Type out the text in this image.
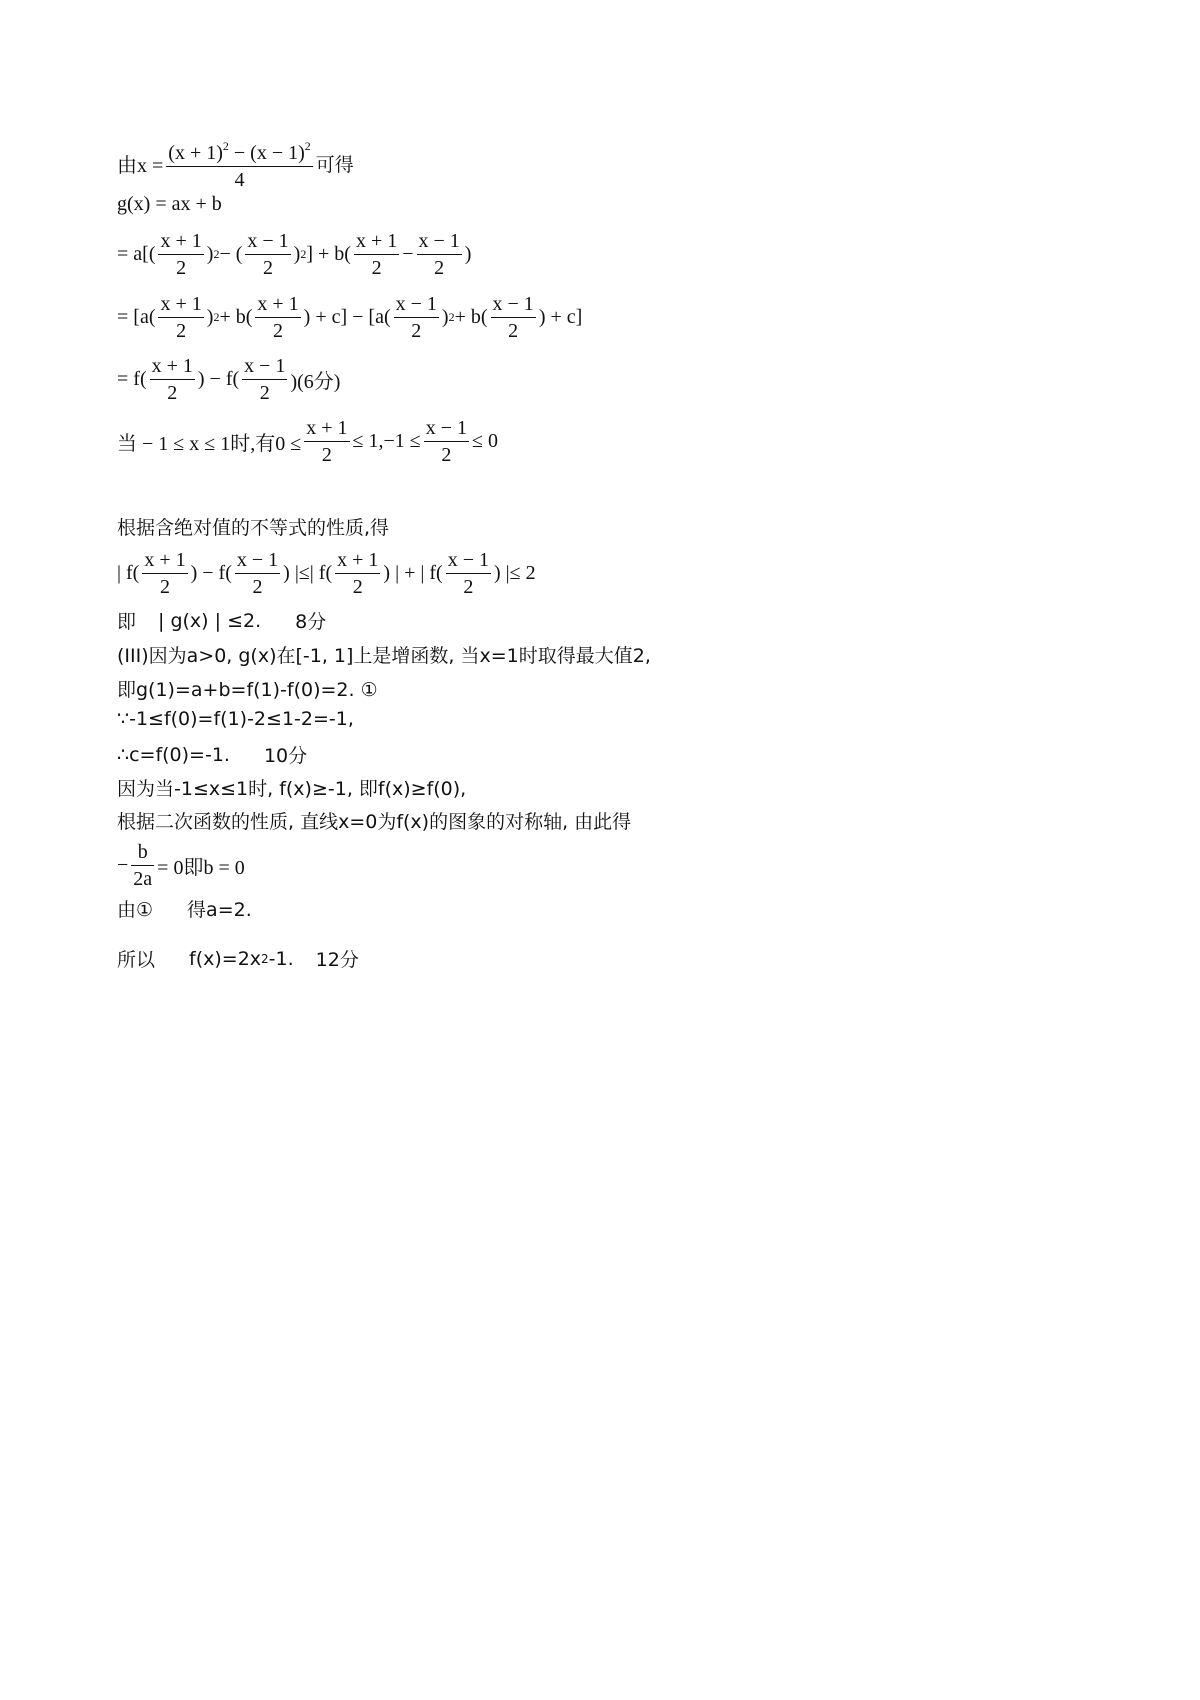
由$x = \frac{(x + 1)^2 - (x - 1)^2}{4}$ 可得
g(x) = ax + b
= $a[( \frac{x + 1}{2}$ ) 2 − ( $\frac{x - 1}{2}$ ) 2 ] + $b( \frac{x + 1}{2} - \frac{x - 1}{2}$ )
= [$a( \frac{x + 1}{2}$ ) $2 + b( \frac{x + 1}{2}$ ) + $c] - [a( \frac{x - 1}{2}$ ) $2 + b( \frac{x - 1}{2}$ ) + c]
= $f( \frac{x + 1}{2}$ ) − $f( \frac{x - 1}{2} )(6$分)
当 − 1 ≤ x ≤ 1时,有$0 \le \frac{x + 1}{2} \le 1,-1 \le \frac{x - 1}{2} \le 0$
根据含绝对值的不等式的性质,得
| $f( \frac{x + 1}{2}$ ) − $f( \frac{x - 1}{2}$ ) |≤| $f( \frac{x + 1}{2}$ ) | + | $f( \frac{x - 1}{2}$ ) |≤ 2
即 | g(x) | ≤2. 8分
(III)因为a>0, g(x)在[-1, 1]上是增函数, 当x=1时取得最大值2,
即g(1)=a+b=f(1)-f(0)=2. ①
∵-1≤f(0)=f(1)-2≤1-2=-1,
∴c=f(0)=-1. 10分
因为当-1≤x≤1时, f(x)≥-1, 即f(x)≥f(0),
根据二次函数的性质, 直线x=0为f(x)的图象的对称轴, 由此得
− $\frac{b}{2a} = 0$即b = 0
由① 得a=2.
所以 f(x)=2x 2 -1. 12分
